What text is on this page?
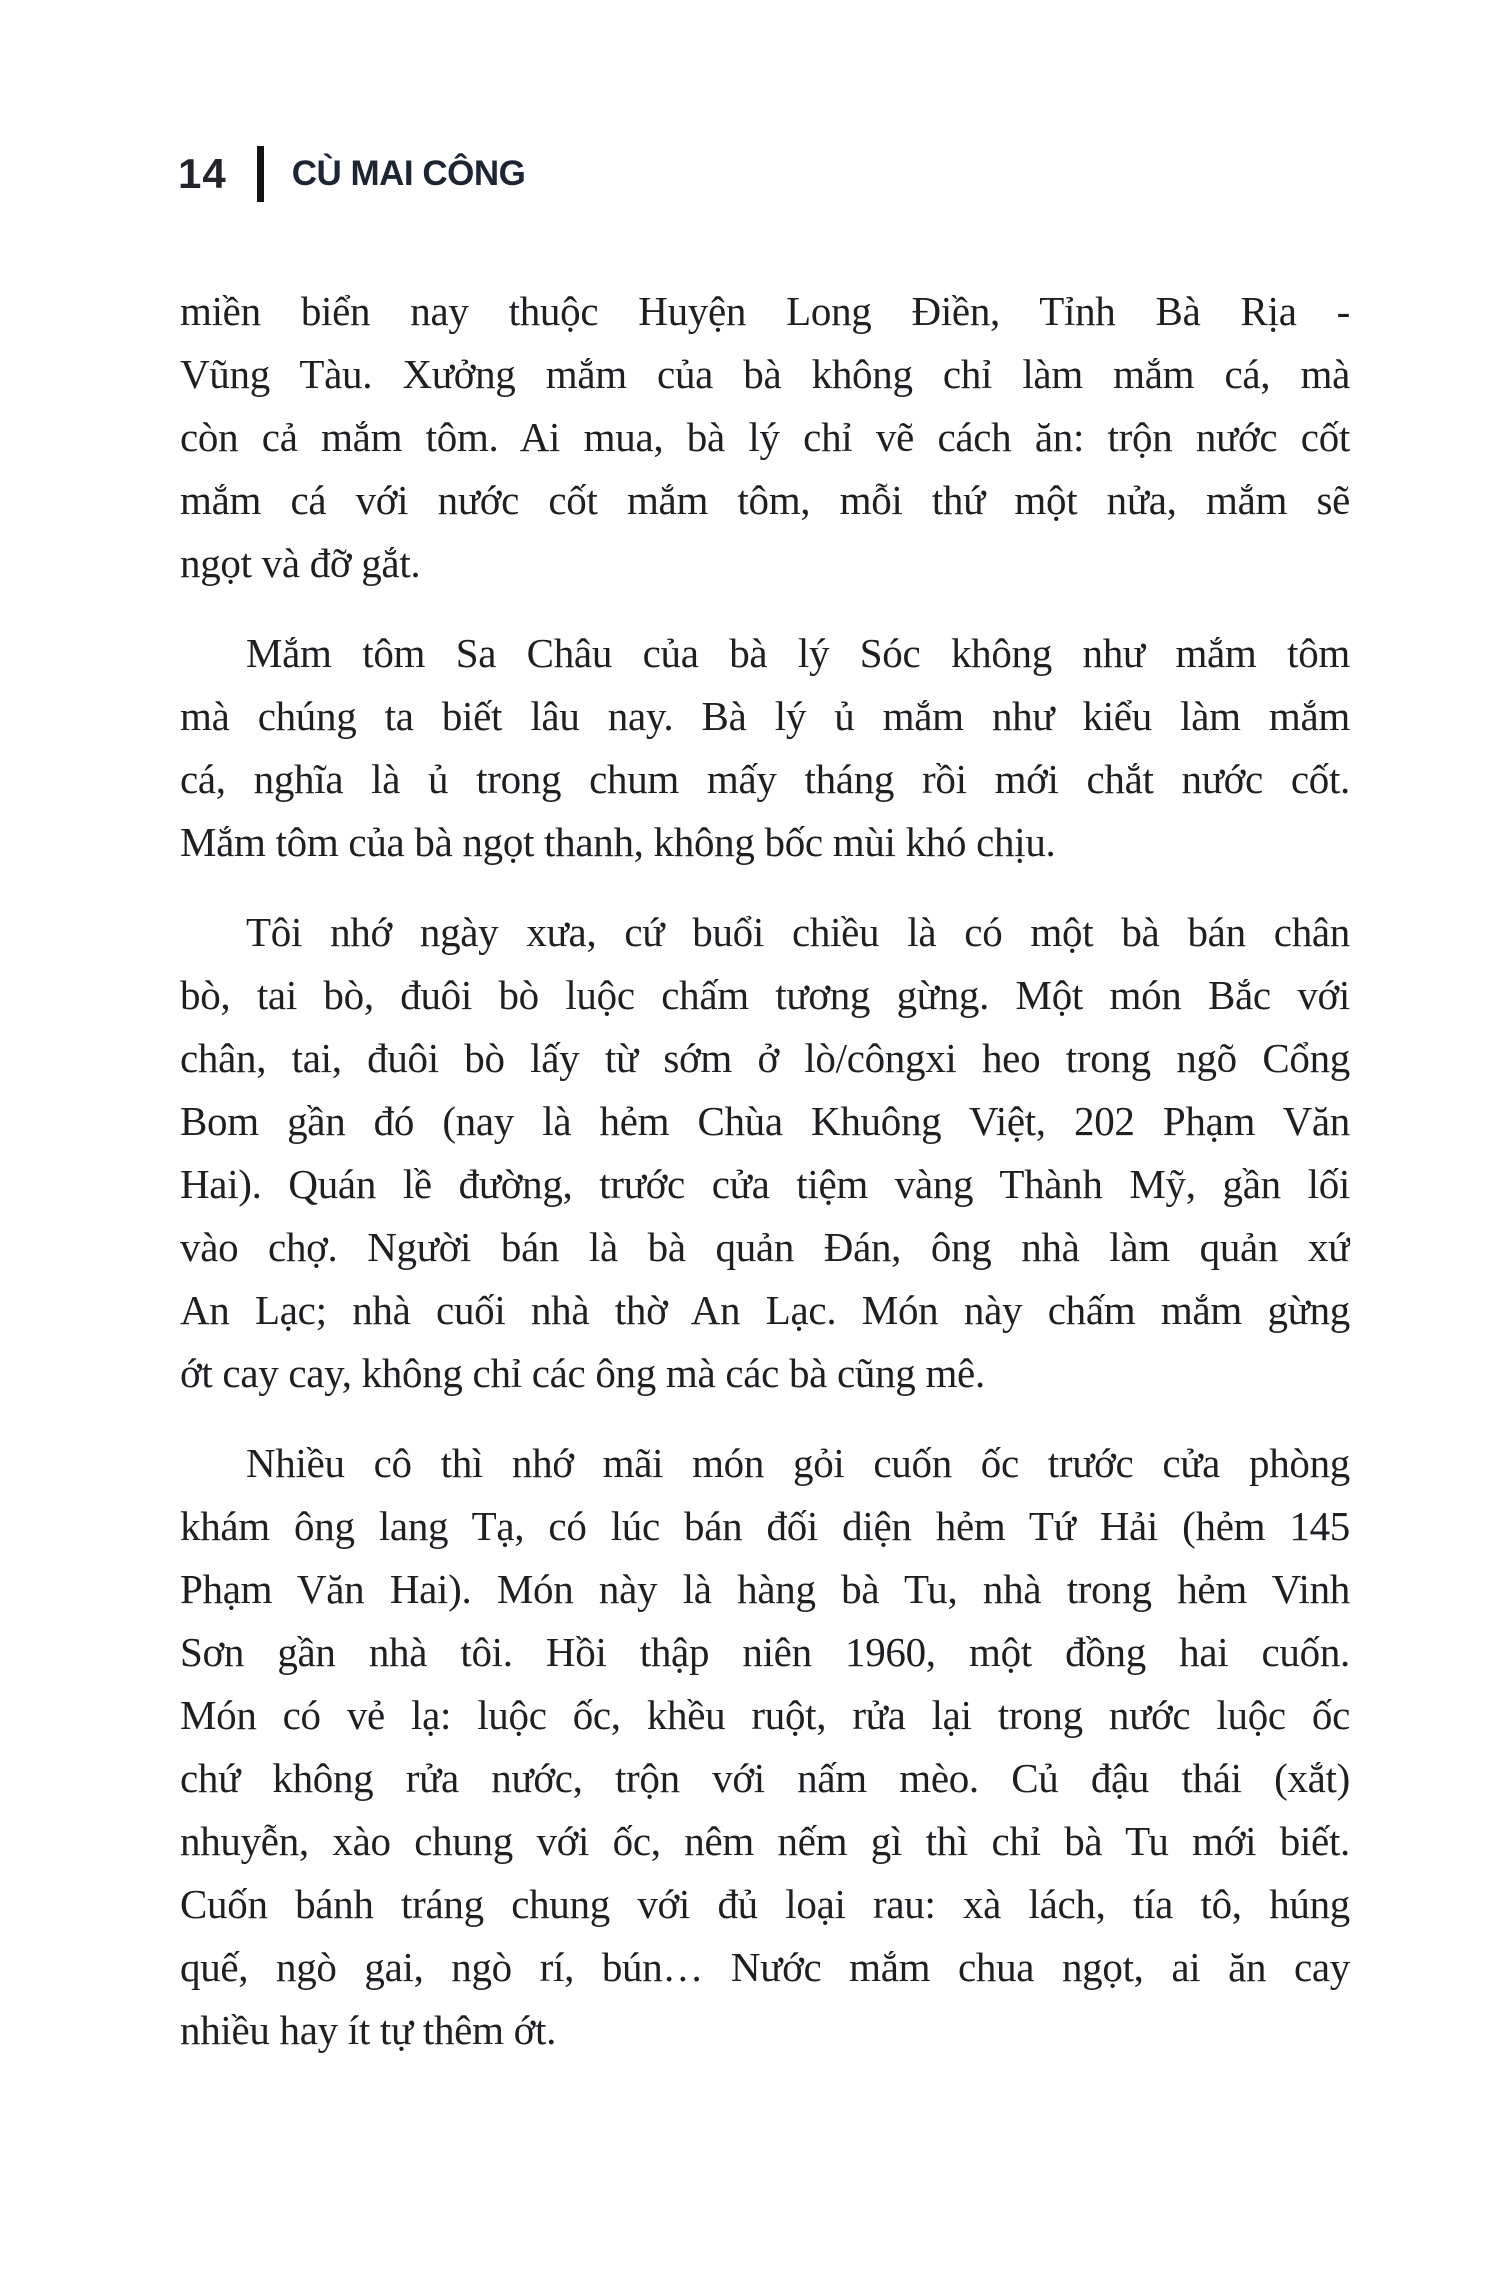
14 CÙ MAI CÔNG
miền biển nay thuộc Huyện Long Điền, Tỉnh Bà Rịa -
Vũng Tàu. Xưởng mắm của bà không chỉ làm mắm cá, mà
còn cả mắm tôm. Ai mua, bà lý chỉ vẽ cách ăn: trộn nước cốt
mắm cá với nước cốt mắm tôm, mỗi thứ một nửa, mắm sẽ
ngọt và đỡ gắt.
Mắm tôm Sa Châu của bà lý Sóc không như mắm tôm
mà chúng ta biết lâu nay. Bà lý ủ mắm như kiểu làm mắm
cá, nghĩa là ủ trong chum mấy tháng rồi mới chắt nước cốt.
Mắm tôm của bà ngọt thanh, không bốc mùi khó chịu.
Tôi nhớ ngày xưa, cứ buổi chiều là có một bà bán chân
bò, tai bò, đuôi bò luộc chấm tương gừng. Một món Bắc với
chân, tai, đuôi bò lấy từ sớm ở lò/côngxi heo trong ngõ Cổng
Bom gần đó (nay là hẻm Chùa Khuông Việt, 202 Phạm Văn
Hai). Quán lề đường, trước cửa tiệm vàng Thành Mỹ, gần lối
vào chợ. Người bán là bà quản Đán, ông nhà làm quản xứ
An Lạc; nhà cuối nhà thờ An Lạc. Món này chấm mắm gừng
ớt cay cay, không chỉ các ông mà các bà cũng mê.
Nhiều cô thì nhớ mãi món gỏi cuốn ốc trước cửa phòng
khám ông lang Tạ, có lúc bán đối diện hẻm Tứ Hải (hẻm 145
Phạm Văn Hai). Món này là hàng bà Tu, nhà trong hẻm Vinh
Sơn gần nhà tôi. Hồi thập niên 1960, một đồng hai cuốn.
Món có vẻ lạ: luộc ốc, khều ruột, rửa lại trong nước luộc ốc
chứ không rửa nước, trộn với nấm mèo. Củ đậu thái (xắt)
nhuyễn, xào chung với ốc, nêm nếm gì thì chỉ bà Tu mới biết.
Cuốn bánh tráng chung với đủ loại rau: xà lách, tía tô, húng
quế, ngò gai, ngò rí, bún… Nước mắm chua ngọt, ai ăn cay
nhiều hay ít tự thêm ớt.
